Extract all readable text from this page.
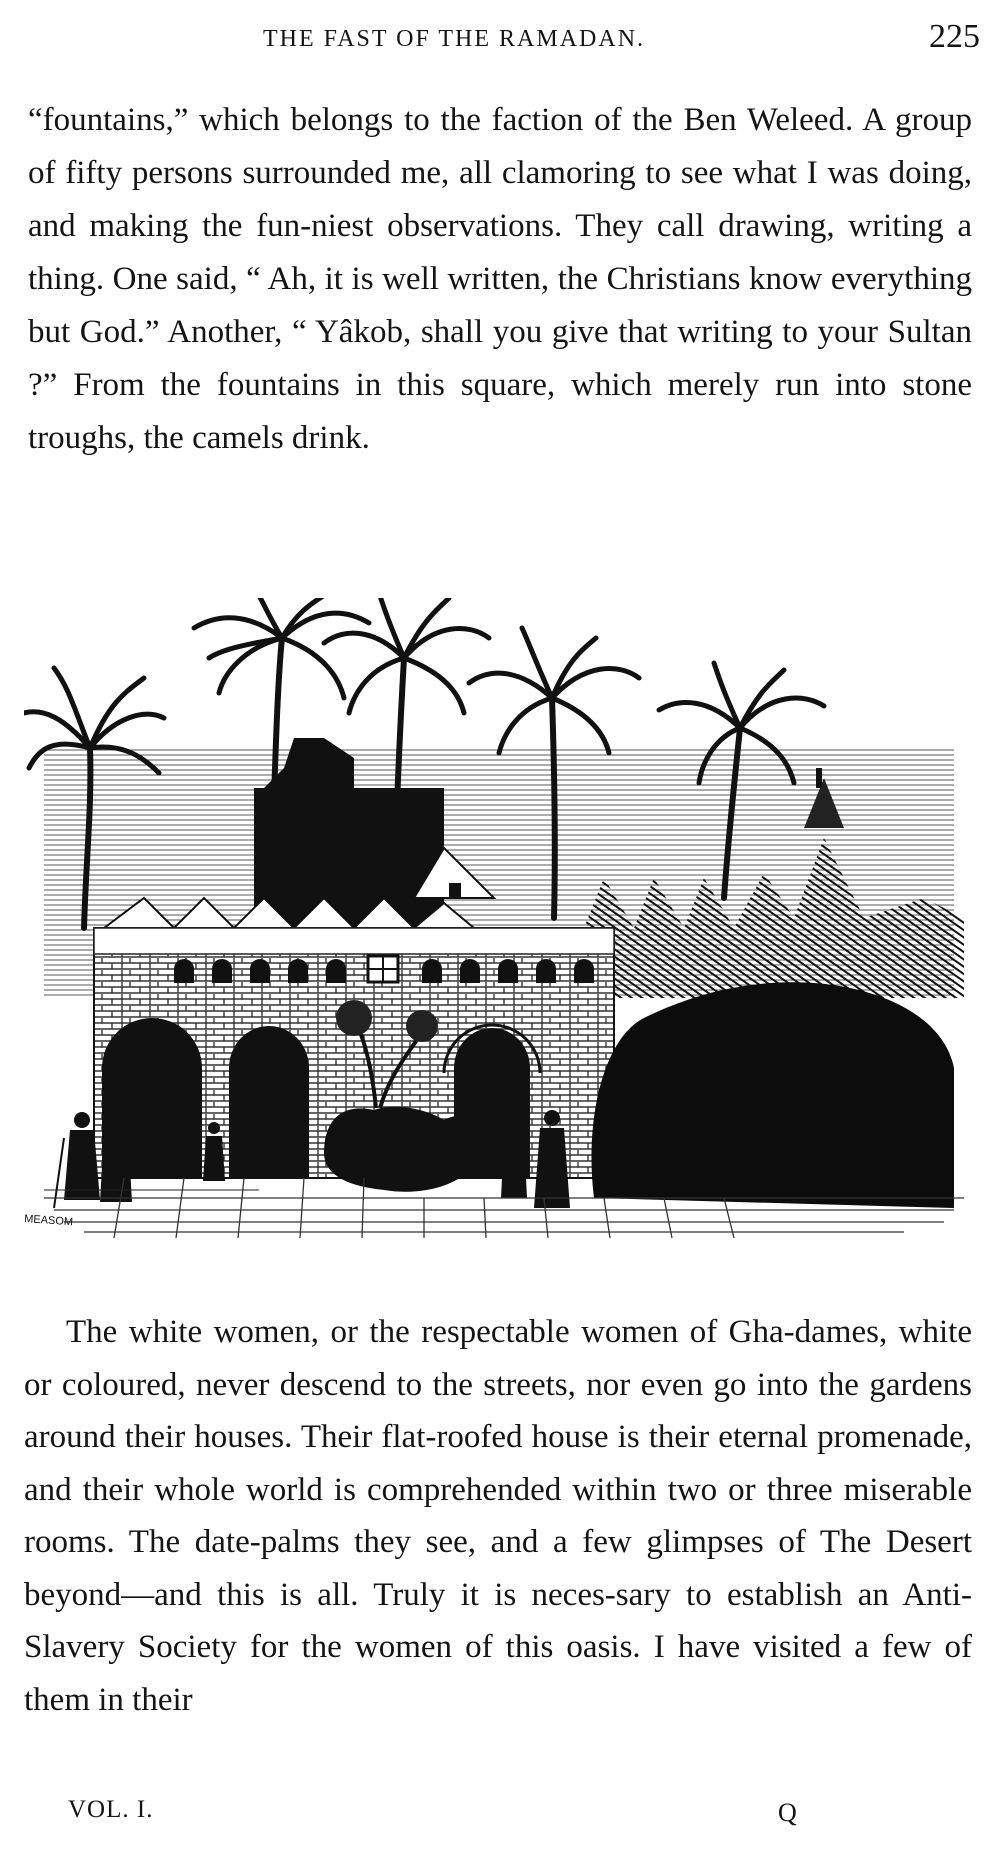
THE FAST OF THE RAMADAN.	225

“fountains,” which belongs to the faction of the Ben Weleed. A group of fifty persons surrounded me, all clamoring to see what I was doing, and making the fun-niest observations. They call drawing, writing a thing. One said, “ Ah, it is well written, the Christians know everything but God.” Another, “ Yâkob, shall you give that writing to your Sultan ?” From the fountains in this square, which merely run into stone troughs, the camels drink.

MEASOM

The white women, or the respectable women of Gha-dames, white or coloured, never descend to the streets, nor even go into the gardens around their houses. Their flat-roofed house is their eternal promenade, and their whole world is comprehended within two or three miserable rooms. The date-palms they see, and a few glimpses of The Desert beyond—and this is all. Truly it is neces-sary to establish an Anti-Slavery Society for the women of this oasis. I have visited a few of them in their

VOL. I.	Q
